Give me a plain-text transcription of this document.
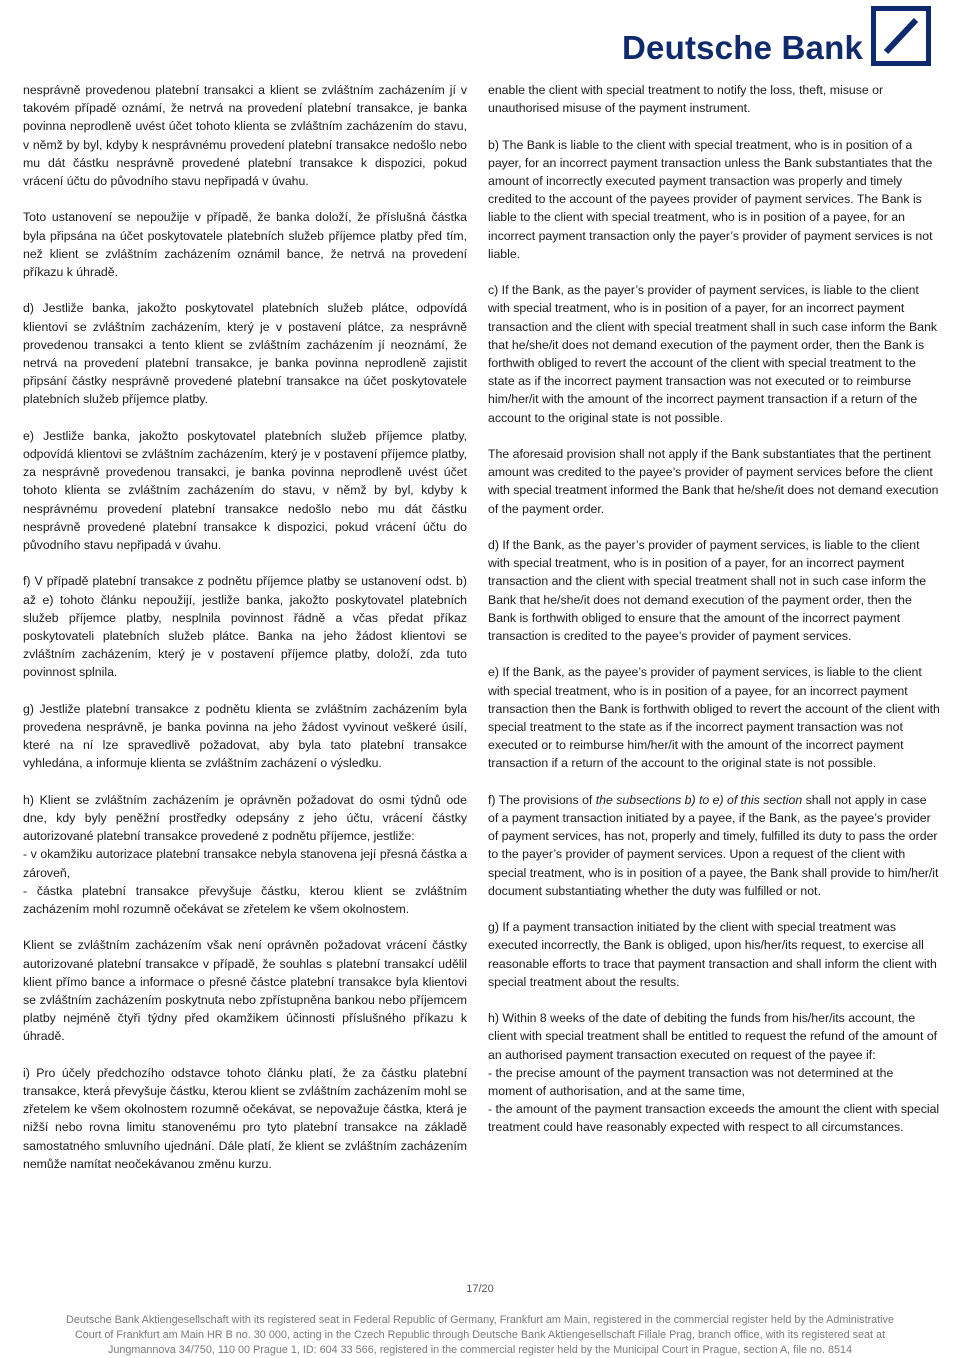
Deutsche Bank

nesprávně provedenou platební transakci a klient se zvláštním zacházením jí v takovém případě oznámí, že netrvá na provedení platební transakce, je banka povinna neprodleně uvést účet tohoto klienta se zvláštním zacházením do stavu, v němž by byl, kdyby k nesprávnému provedení platební transakce nedošlo nebo mu dát částku nesprávně provedené platební transakce k dispozici, pokud vrácení účtu do původního stavu nepřipadá v úvahu.

Toto ustanovení se nepoužije v případě, že banka doloží, že příslušná částka byla připsána na účet poskytovatele platebních služeb příjemce platby před tím, než klient se zvláštním zacházením oznámil bance, že netrvá na provedení příkazu k úhradě.

d) Jestliže banka, jakožto poskytovatel platebních služeb plátce, odpovídá klientovi se zvláštním zacházením, který je v postavení plátce, za nesprávně provedenou transakci a tento klient se zvláštním zacházením jí neoznámí, že netrvá na provedení platební transakce, je banka povinna neprodleně zajistit připsání částky nesprávně provedené platební transakce na účet poskytovatele platebních služeb příjemce platby.

e) Jestliže banka, jakožto poskytovatel platebních služeb příjemce platby, odpovídá klientovi se zvláštním zacházením, který je v postavení příjemce platby, za nesprávně provedenou transakci, je banka povinna neprodleně uvést účet tohoto klienta se zvláštním zacházením do stavu, v němž by byl, kdyby k nesprávnému provedení platební transakce nedošlo nebo mu dát částku nesprávně provedené platební transakce k dispozici, pokud vrácení účtu do původního stavu nepřipadá v úvahu.

f) V případě platební transakce z podnětu příjemce platby se ustanovení odst. b) až e) tohoto článku nepoužijí, jestliže banka, jakožto poskytovatel platebních služeb příjemce platby, nesplnila povinnost řádně a včas předat příkaz poskytovateli platebních služeb plátce. Banka na jeho žádost klientovi se zvláštním zacházením, který je v postavení příjemce platby, doloží, zda tuto povinnost splnila.

g) Jestliže platební transakce z podnětu klienta se zvláštním zacházením byla provedena nesprávně, je banka povinna na jeho žádost vyvinout veškeré úsilí, které na ní lze spravedlivě požadovat, aby byla tato platební transakce vyhledána, a informuje klienta se zvláštním zacházení o výsledku.

h) Klient se zvláštním zacházením je oprávněn požadovat do osmi týdnů ode dne, kdy byly peněžní prostředky odepsány z jeho účtu, vrácení částky autorizované platební transakce provedené z podnětu příjemce, jestliže:

- v okamžiku autorizace platební transakce nebyla stanovena její přesná částka a zároveň,

- částka platební transakce převyšuje částku, kterou klient se zvláštním zacházením mohl rozumně očekávat se zřetelem ke všem okolnostem.

Klient se zvláštním zacházením však není oprávněn požadovat vrácení částky autorizované platební transakce v případě, že souhlas s platební transakcí udělil klient přímo bance a informace o přesné částce platební transakce byla klientovi se zvláštním zacházením poskytnuta nebo zpřístupněna bankou nebo příjemcem platby nejméně čtyři týdny před okamžikem účinnosti příslušného příkazu k úhradě.

i) Pro účely předchozího odstavce tohoto článku platí, že za částku platební transakce, která převyšuje částku, kterou klient se zvláštním zacházením mohl se zřetelem ke všem okolnostem rozumně očekávat, se nepovažuje částka, která je nižší nebo rovna limitu stanovenému pro tyto platební transakce na základě samostatného smluvního ujednání. Dále platí, že klient se zvláštním zacházením nemůže namítat neočekávanou změnu kurzu.

enable the client with special treatment to notify the loss, theft, misuse or unauthorised misuse of the payment instrument.

b) The Bank is liable to the client with special treatment, who is in position of a payer, for an incorrect payment transaction unless the Bank substantiates that the amount of incorrectly executed payment transaction was properly and timely credited to the account of the payees provider of payment services. The Bank is liable to the client with special treatment, who is in position of a payee, for an incorrect payment transaction only the payer’s provider of payment services is not liable.

c) If the Bank, as the payer’s provider of payment services, is liable to the client with special treatment, who is in position of a payer, for an incorrect payment transaction and the client with special treatment shall in such case inform the Bank that he/she/it does not demand execution of the payment order, then the Bank is forthwith obliged to revert the account of the client with special treatment to the state as if the incorrect payment transaction was not executed or to reimburse him/her/it with the amount of the incorrect payment transaction if a return of the account to the original state is not possible.

The aforesaid provision shall not apply if the Bank substantiates that the pertinent amount was credited to the payee’s provider of payment services before the client with special treatment informed the Bank that he/she/it does not demand execution of the payment order.

d) If the Bank, as the payer’s provider of payment services, is liable to the client with special treatment, who is in position of a payer, for an incorrect payment transaction and the client with special treatment shall not in such case inform the Bank that he/she/it does not demand execution of the payment order, then the Bank is forthwith obliged to ensure that the amount of the incorrect payment transaction is credited to the payee’s provider of payment services.

e) If the Bank, as the payee’s provider of payment services, is liable to the client with special treatment, who is in position of a payee, for an incorrect payment transaction then the Bank is forthwith obliged to revert the account of the client with special treatment to the state as if the incorrect payment transaction was not executed or to reimburse him/her/it with the amount of the incorrect payment transaction if a return of the account to the original state is not possible.

f) The provisions of the subsections b) to e) of this section shall not apply in case of a payment transaction initiated by a payee, if the Bank, as the payee’s provider of payment services, has not, properly and timely, fulfilled its duty to pass the order to the payer’s provider of payment services. Upon a request of the client with special treatment, who is in position of a payee, the Bank shall provide to him/her/it document substantiating whether the duty was fulfilled or not.

g) If a payment transaction initiated by the client with special treatment was executed incorrectly, the Bank is obliged, upon his/her/its request, to exercise all reasonable efforts to trace that payment transaction and shall inform the client with special treatment about the results.

h) Within 8 weeks of the date of debiting the funds from his/her/its account, the client with special treatment shall be entitled to request the refund of the amount of an authorised payment transaction executed on request of the payee if:

- the precise amount of the payment transaction was not determined at the moment of authorisation, and at the same time,

- the amount of the payment transaction exceeds the amount the client with special treatment could have reasonably expected with respect to all circumstances.

17/20
Deutsche Bank Aktiengesellschaft with its registered seat in Federal Republic of Germany, Frankfurt am Main, registered in the commercial register held by the Administrative
Court of Frankfurt am Main HR B no. 30 000, acting in the Czech Republic through Deutsche Bank Aktiengesellschaft Filiale Prag, branch office, with its registered seat at
Jungmannova 34/750, 110 00 Prague 1, ID: 604 33 566, registered in the commercial register held by the Municipal Court in Prague, section A, file no. 8514
